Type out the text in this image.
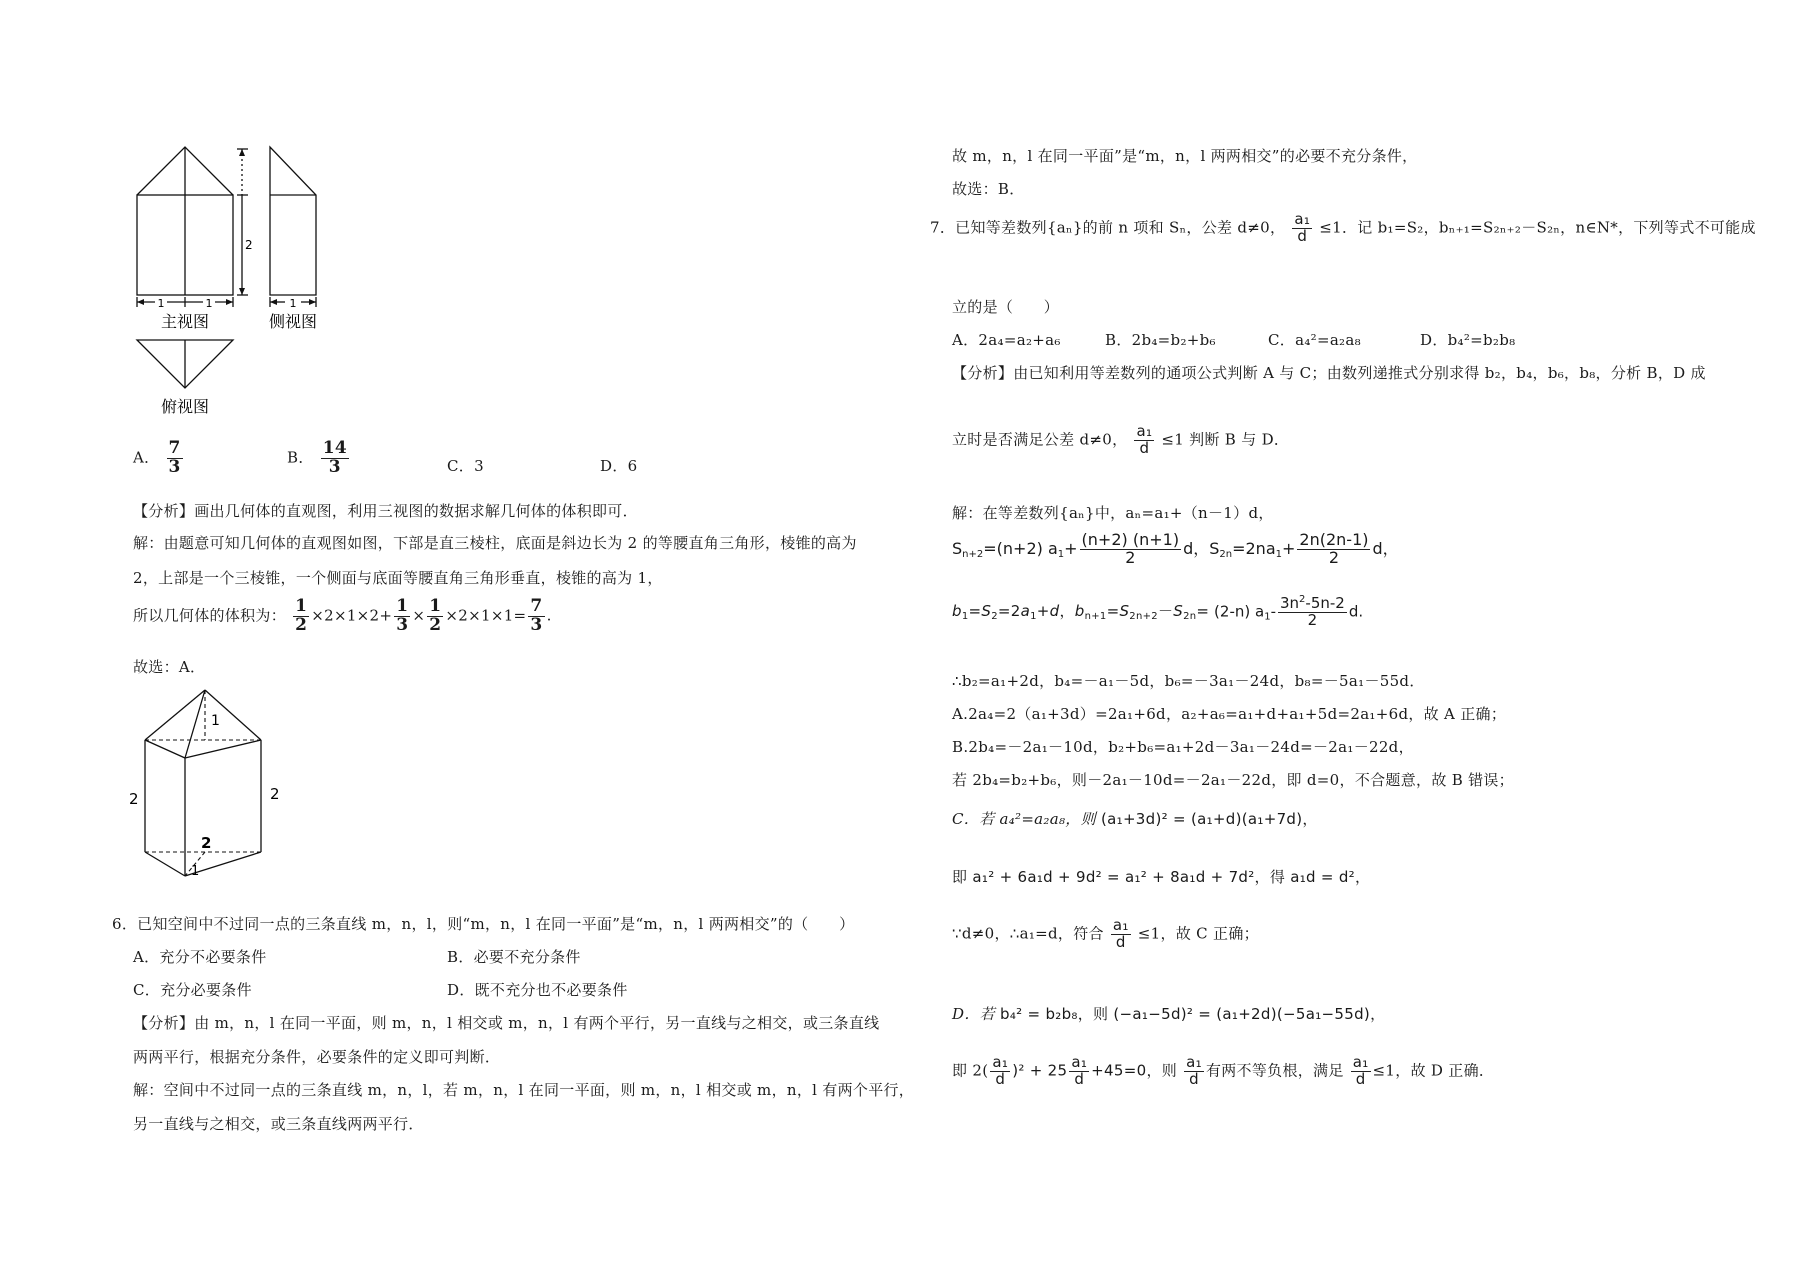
1	1	1
2
主视图	侧视图
俯视图
A． $\frac{7}{3}$	B． $\frac{14}{3}$	C．3	D．6
【分析】画出几何体的直观图，利用三视图的数据求解几何体的体积即可．
解：由题意可知几何体的直观图如图，下部是直三棱柱，底面是斜边长为 2 的等腰直角三角形，棱锥的高为
2，上部是一个三棱锥，一个侧面与底面等腰直角三角形垂直，棱锥的高为 1，
所以几何体的体积为： $\frac{1}{2} \times 2\times 1\times 2+ \frac{1}{3} \times \frac{1}{2} \times 2\times 1\times 1= \frac{7}{3}$ .
故选：A．
1
2	2
2
1
6．已知空间中不过同一点的三条直线 m，n，l，则“m，n，l 在同一平面”是“m，n，l 两两相交”的（　　）
A．充分不必要条件	B．必要不充分条件
C．充分必要条件	D．既不充分也不必要条件
【分析】由 m，n，l 在同一平面，则 m，n，l 相交或 m，n，l 有两个平行，另一直线与之相交，或三条直线
两两平行，根据充分条件，必要条件的定义即可判断．
解：空间中不过同一点的三条直线 m，n，l，若 m，n，l 在同一平面，则 m，n，l 相交或 m，n，l 有两个平行，
另一直线与之相交，或三条直线两两平行．
故 m，n，l 在同一平面”是“m，n，l 两两相交”的必要不充分条件，
故选：B．
7．已知等差数列{aₙ}的前 n 项和 Sₙ，公差 d≠0， $\frac{\text{a₁}}{d} \le 1$．记 b₁=S₂，bₙ₊₁=S₂ₙ₊₂－S₂ₙ，n∈N*，下列等式不可能成
立的是（　　）
A．2a₄=a₂+a₆	B．2b₄=b₂+b₆	C．a₄²=a₂a₈	D．b₄²=b₂b₈
【分析】由已知利用等差数列的通项公式判断 A 与 C；由数列递推式分别求得 b₂，b₄，b₆，b₈，分析 B，D 成
立时是否满足公差 d≠0， $\frac{\text{a₁}}{d} \le 1$ 判断 B 与 D．
解：在等差数列{aₙ}中，aₙ=a₁+（n－1）d，
$S_{n+2}=(n+2)$ $a_1+ \frac{(n+2) (n+1)}{2}$ d，$S_{2n}=2na_1+ \frac{2n(2n-1)}{2}$ d，
$b_1=S_2=2a_1+d$，$b_{n+1}=S_{2n+2}-S_{2n}= (2-n)$ $a_1- \frac{3n^2-5n-2}{2} d$.
∴b₂=a₁+2d，b₄=－a₁－5d，b₆=－3a₁－24d，b₈=－5a₁－55d．
A.2a₄=2（a₁+3d）=2a₁+6d，a₂+a₆=a₁+d+a₁+5d=2a₁+6d，故 A 正确；
B.2b₄=－2a₁－10d，b₂+b₆=a₁+2d－3a₁－24d=－2a₁－22d，
若 2b₄=b₂+b₆，则－2a₁－10d=－2a₁－22d，即 d=0，不合题意，故 B 错误；
C．若 a₄²=a₂a₈，则 (a₁+3d)² = (a₁+d)(a₁+7d)，
即 a₁² + 6a₁d + 9d² = a₁² + 8a₁d + 7d²，得 a₁d = d²，
∵d≠0，∴a₁=d，符合 $\frac{\text{a₁}}{d} \le 1$，故 C 正确；
D．若 b₄² = b₂b₈，则 (−a₁−5d)² = (a₁+2d)(−5a₁−55d)，
即 $2( \frac{\text{a₁}}{d} )^2 + 25 \frac{\text{a₁}}{d} +45=0$，则 $\frac{\text{a₁}}{d}$ 有两不等负根，满足 $\frac{\text{a₁}}{d} \le 1$，故 D 正确．
